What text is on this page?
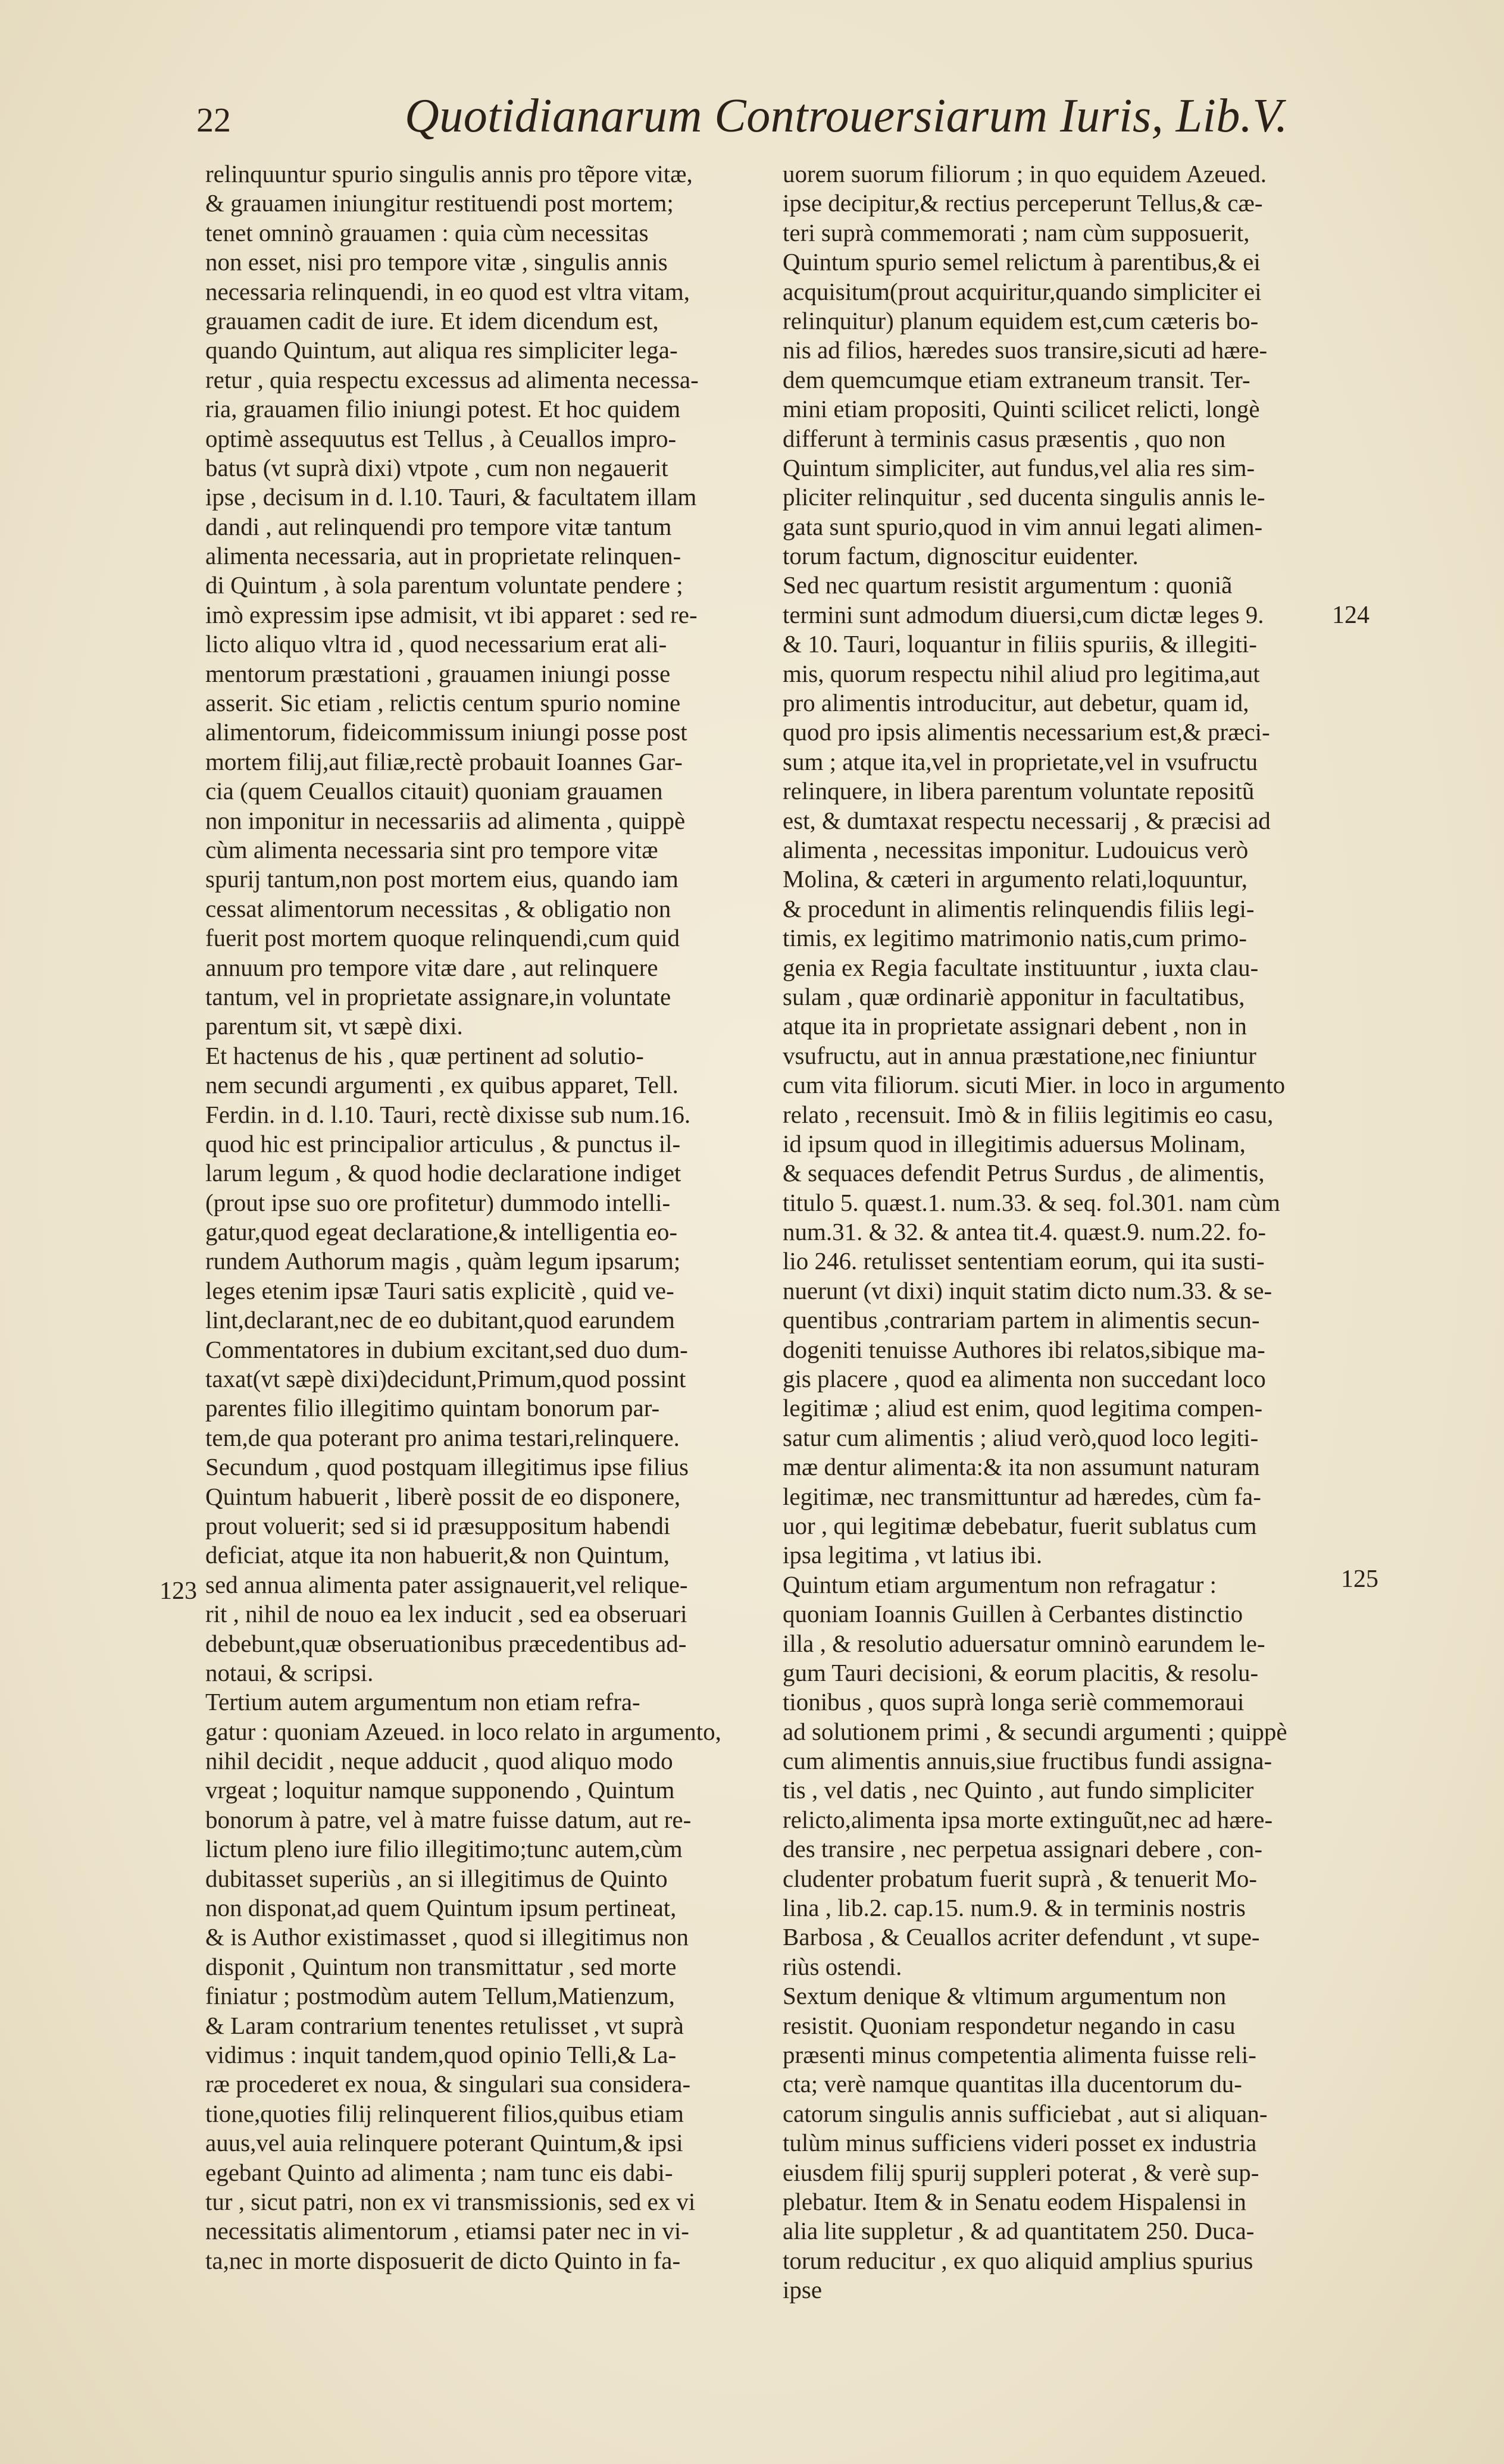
22	Quotidianarum Controuersiarum Iuris, Lib.V.
relinquuntur spurio singulis annis pro tẽpore vitæ,
& grauamen iniungitur restituendi post mortem;
tenet omninò grauamen : quia cùm necessitas
non esset, nisi pro tempore vitæ , singulis annis
necessaria relinquendi, in eo quod est vltra vitam,
grauamen cadit de iure. Et idem dicendum est,
quando Quintum, aut aliqua res simpliciter lega-
retur , quia respectu excessus ad alimenta necessa-
ria, grauamen filio iniungi potest. Et hoc quidem
optimè assequutus est Tellus , à Ceuallos impro-
batus (vt suprà dixi) vtpote , cum non negauerit
ipse , decisum in d. l.10. Tauri, & facultatem illam
dandi , aut relinquendi pro tempore vitæ tantum
alimenta necessaria, aut in proprietate relinquen-
di Quintum , à sola parentum voluntate pendere ;
imò expressim ipse admisit, vt ibi apparet : sed re-
licto aliquo vltra id , quod necessarium erat ali-
mentorum præstationi , grauamen iniungi posse
asserit. Sic etiam , relictis centum spurio nomine
alimentorum, fideicommissum iniungi posse post
mortem filij,aut filiæ,rectè probauit Ioannes Gar-
cia (quem Ceuallos citauit) quoniam grauamen
non imponitur in necessariis ad alimenta , quippè
cùm alimenta necessaria sint pro tempore vitæ
spurij tantum,non post mortem eius, quando iam
cessat alimentorum necessitas , & obligatio non
fuerit post mortem quoque relinquendi,cum quid
annuum pro tempore vitæ dare , aut relinquere
tantum, vel in proprietate assignare,in voluntate
parentum sit, vt sæpè dixi.
Et hactenus de his , quæ pertinent ad solutio-
nem secundi argumenti , ex quibus apparet, Tell.
Ferdin. in d. l.10. Tauri, rectè dixisse sub num.16.
quod hic est principalior articulus , & punctus il-
larum legum , & quod hodie declaratione indiget
(prout ipse suo ore profitetur) dummodo intelli-
gatur,quod egeat declaratione,& intelligentia eo-
rundem Authorum magis , quàm legum ipsarum;
leges etenim ipsæ Tauri satis explicitè , quid ve-
lint,declarant,nec de eo dubitant,quod earundem
Commentatores in dubium excitant,sed duo dum-
taxat(vt sæpè dixi)decidunt,Primum,quod possint
parentes filio illegitimo quintam bonorum par-
tem,de qua poterant pro anima testari,relinquere.
Secundum , quod postquam illegitimus ipse filius
Quintum habuerit , liberè possit de eo disponere,
prout voluerit; sed si id præsuppositum habendi
deficiat, atque ita non habuerit,& non Quintum,
sed annua alimenta pater assignauerit,vel relique-
rit , nihil de nouo ea lex inducit , sed ea obseruari
debebunt,quæ obseruationibus præcedentibus ad-
notaui, & scripsi.
Tertium autem argumentum non etiam refra-
gatur : quoniam Azeued. in loco relato in argumento,
nihil decidit , neque adducit , quod aliquo modo
vrgeat ; loquitur namque supponendo , Quintum
bonorum à patre, vel à matre fuisse datum, aut re-
lictum pleno iure filio illegitimo;tunc autem,cùm
dubitasset superiùs , an si illegitimus de Quinto
non disponat,ad quem Quintum ipsum pertineat,
& is Author existimasset , quod si illegitimus non
disponit , Quintum non transmittatur , sed morte
finiatur ; postmodùm autem Tellum,Matienzum,
& Laram contrarium tenentes retulisset , vt suprà
vidimus : inquit tandem,quod opinio Telli,& La-
ræ procederet ex noua, & singulari sua considera-
tione,quoties filij relinquerent filios,quibus etiam
auus,vel auia relinquere poterant Quintum,& ipsi
egebant Quinto ad alimenta ; nam tunc eis dabi-
tur , sicut patri, non ex vi transmissionis, sed ex vi
necessitatis alimentorum , etiamsi pater nec in vi-
ta,nec in morte disposuerit de dicto Quinto in fa-
uorem suorum filiorum ; in quo equidem Azeued.
ipse decipitur,& rectius perceperunt Tellus,& cæ-
teri suprà commemorati ; nam cùm supposuerit,
Quintum spurio semel relictum à parentibus,& ei
acquisitum(prout acquiritur,quando simpliciter ei
relinquitur) planum equidem est,cum cæteris bo-
nis ad filios, hæredes suos transire,sicuti ad hære-
dem quemcumque etiam extraneum transit. Ter-
mini etiam propositi, Quinti scilicet relicti, longè
differunt à terminis casus præsentis , quo non
Quintum simpliciter, aut fundus,vel alia res sim-
pliciter relinquitur , sed ducenta singulis annis le-
gata sunt spurio,quod in vim annui legati alimen-
torum factum, dignoscitur euidenter.
Sed nec quartum resistit argumentum : quoniã
termini sunt admodum diuersi,cum dictæ leges 9.
& 10. Tauri, loquantur in filiis spuriis, & illegiti-
mis, quorum respectu nihil aliud pro legitima,aut
pro alimentis introducitur, aut debetur, quam id,
quod pro ipsis alimentis necessarium est,& præci-
sum ; atque ita,vel in proprietate,vel in vsufructu
relinquere, in libera parentum voluntate repositũ
est, & dumtaxat respectu necessarij , & præcisi ad
alimenta , necessitas imponitur. Ludouicus verò
Molina, & cæteri in argumento relati,loquuntur,
& procedunt in alimentis relinquendis filiis legi-
timis, ex legitimo matrimonio natis,cum primo-
genia ex Regia facultate instituuntur , iuxta clau-
sulam , quæ ordinariè apponitur in facultatibus,
atque ita in proprietate assignari debent , non in
vsufructu, aut in annua præstatione,nec finiuntur
cum vita filiorum. sicuti Mier. in loco in argumento
relato , recensuit. Imò & in filiis legitimis eo casu,
id ipsum quod in illegitimis aduersus Molinam,
& sequaces defendit Petrus Surdus , de alimentis,
titulo 5. quæst.1. num.33. & seq. fol.301. nam cùm
num.31. & 32. & antea tit.4. quæst.9. num.22. fo-
lio 246. retulisset sententiam eorum, qui ita susti-
nuerunt (vt dixi) inquit statim dicto num.33. & se-
quentibus ,contrariam partem in alimentis secun-
dogeniti tenuisse Authores ibi relatos,sibique ma-
gis placere , quod ea alimenta non succedant loco
legitimæ ; aliud est enim, quod legitima compen-
satur cum alimentis ; aliud verò,quod loco legiti-
mæ dentur alimenta:& ita non assumunt naturam
legitimæ, nec transmittuntur ad hæredes, cùm fa-
uor , qui legitimæ debebatur, fuerit sublatus cum
ipsa legitima , vt latius ibi.
Quintum etiam argumentum non refragatur :
quoniam Ioannis Guillen à Cerbantes distinctio
illa , & resolutio aduersatur omninò earundem le-
gum Tauri decisioni, & eorum placitis, & resolu-
tionibus , quos suprà longa seriè commemoraui
ad solutionem primi , & secundi argumenti ; quippè
cum alimentis annuis,siue fructibus fundi assigna-
tis , vel datis , nec Quinto , aut fundo simpliciter
relicto,alimenta ipsa morte extinguũt,nec ad hære-
des transire , nec perpetua assignari debere , con-
cludenter probatum fuerit suprà , & tenuerit Mo-
lina , lib.2. cap.15. num.9. & in terminis nostris
Barbosa , & Ceuallos acriter defendunt , vt supe-
riùs ostendi.
Sextum denique & vltimum argumentum non
resistit. Quoniam respondetur negando in casu
præsenti minus competentia alimenta fuisse reli-
cta; verè namque quantitas illa ducentorum du-
catorum singulis annis sufficiebat , aut si aliquan-
tulùm minus sufficiens videri posset ex industria
eiusdem filij spurij suppleri poterat , & verè sup-
plebatur. Item & in Senatu eodem Hispalensi in
alia lite suppletur , & ad quantitatem 250. Duca-
torum reducitur , ex quo aliquid amplius spurius
ipse
123
124
125
